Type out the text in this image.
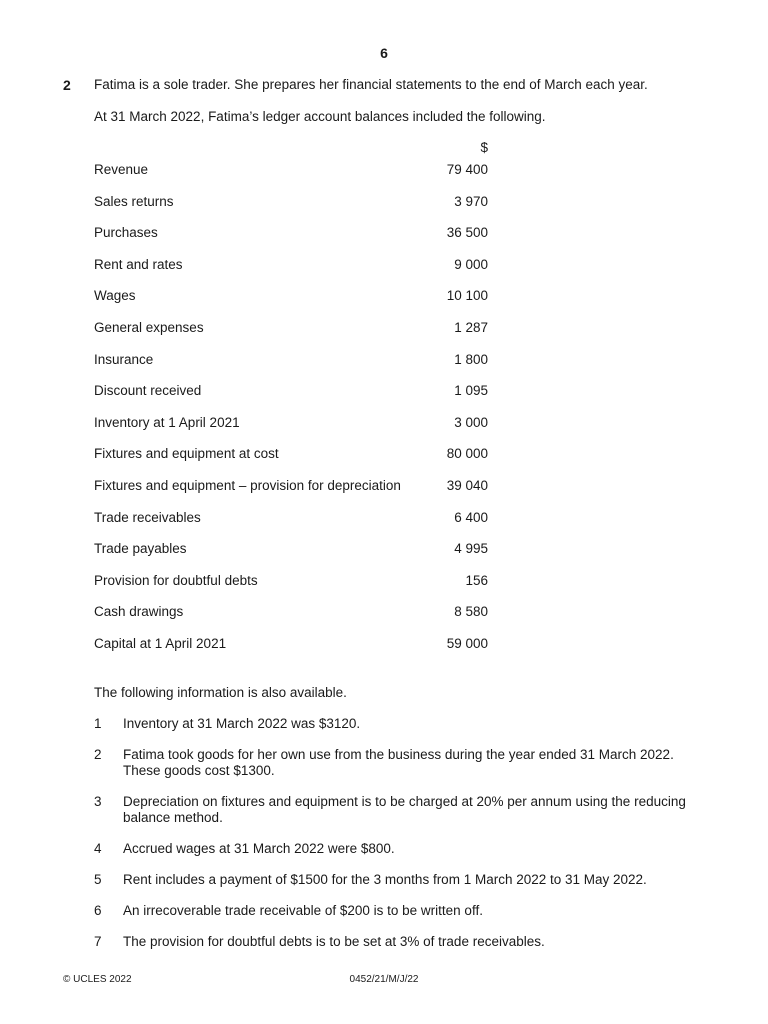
6
2 Fatima is a sole trader. She prepares her financial statements to the end of March each year.
At 31 March 2022, Fatima’s ledger account balances included the following.
$
Revenue	79 400
Sales returns	3 970
Purchases	36 500
Rent and rates	9 000
Wages	10 100
General expenses	1 287
Insurance	1 800
Discount received	1 095
Inventory at 1 April 2021	3 000
Fixtures and equipment at cost	80 000
Fixtures and equipment – provision for depreciation	39 040
Trade receivables	6 400
Trade payables	4 995
Provision for doubtful debts	156
Cash drawings	8 580
Capital at 1 April 2021	59 000
The following information is also available.
1 Inventory at 31 March 2022 was $3120.
2 Fatima took goods for her own use from the business during the year ended 31 March 2022. These goods cost $1300.
3 Depreciation on fixtures and equipment is to be charged at 20% per annum using the reducing balance method.
4 Accrued wages at 31 March 2022 were $800.
5 Rent includes a payment of $1500 for the 3 months from 1 March 2022 to 31 May 2022.
6 An irrecoverable trade receivable of $200 is to be written off.
7 The provision for doubtful debts is to be set at 3% of trade receivables.
© UCLES 2022	0452/21/M/J/22
